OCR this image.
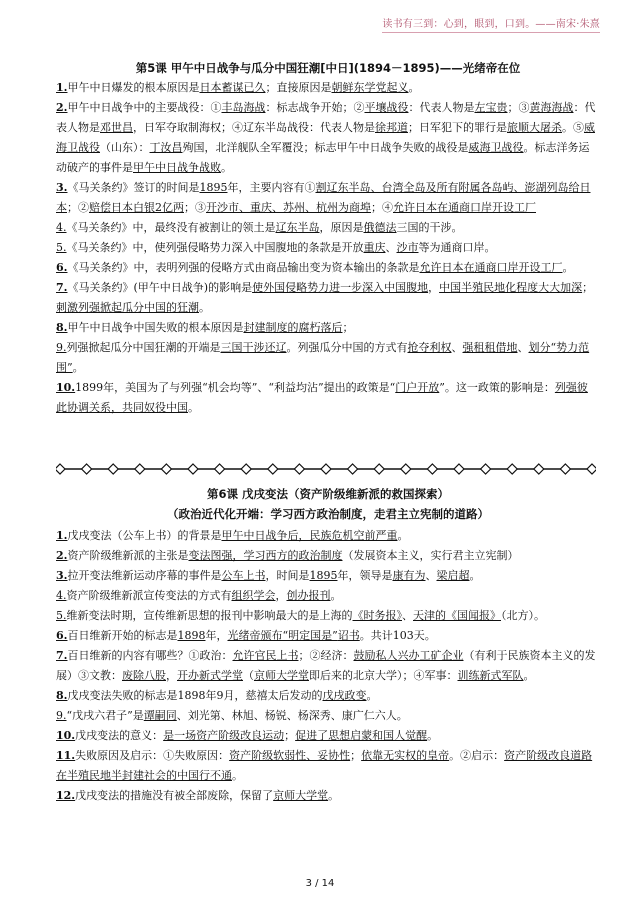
读书有三到：心到，眼到，口到。——南宋·朱熹
第5课 甲午中日战争与瓜分中国狂潮[中日](1894－1895)——光绪帝在位

1.甲午中日爆发的根本原因是日本蓄谋已久；直接原因是朝鲜东学党起义。

2.甲午中日战争中的主要战役：①丰岛海战：标志战争开始；②平壤战役：代表人物是左宝贵；③黄海海战：代表人物是邓世昌，日军夺取制海权；④辽东半岛战役：代表人物是徐邦道；日军犯下的罪行是旅顺大屠杀。⑤威海卫战役（山东）：丁汝昌殉国，北洋舰队全军覆没；标志甲午中日战争失败的战役是威海卫战役。标志洋务运动破产的事件是甲午中日战争战败。

3.《马关条约》签订的时间是1895年，主要内容有①割辽东半岛、台湾全岛及所有附属各岛屿、澎湖列岛给日本；②赔偿日本白银2亿两；③开沙市、重庆、苏州、杭州为商埠；④允许日本在通商口岸开设工厂

4.《马关条约》中，最终没有被割让的领土是辽东半岛，原因是俄德法三国的干涉。

5.《马关条约》中，使列强侵略势力深入中国腹地的条款是开放重庆、沙市等为通商口岸。

6.《马关条约》中，表明列强的侵略方式由商品输出变为资本输出的条款是允许日本在通商口岸开设工厂。

7.《马关条约》(甲午中日战争)的影响是使外国侵略势力进一步深入中国腹地，中国半殖民地化程度大大加深；刺激列强掀起瓜分中国的狂潮。

8.甲午中日战争中国失败的根本原因是封建制度的腐朽落后；

9.列强掀起瓜分中国狂潮的开端是三国干涉还辽。列强瓜分中国的方式有抢夺利权、强租租借地、划分“势力范围”。

10.1899年，美国为了与列强“机会均等”、“利益均沾”提出的政策是“门户开放”。这一政策的影响是：列强彼此协调关系，共同奴役中国。

第6课 戊戌变法（资产阶级维新派的救国探索）
（政治近代化开端：学习西方政治制度，走君主立宪制的道路）

1.戊戌变法（公车上书）的背景是甲午中日战争后，民族危机空前严重。

2.资产阶级维新派的主张是变法图强，学习西方的政治制度（发展资本主义，实行君主立宪制）

3.拉开变法维新运动序幕的事件是公车上书，时间是1895年，领导是康有为、梁启超。

4.资产阶级维新派宣传变法的方式有组织学会，创办报刊。

5.维新变法时期，宣传维新思想的报刊中影响最大的是上海的《时务报》、天津的《国闻报》（北方）。

6.百日维新开始的标志是1898年，光绪帝颁布“明定国是”诏书。共计103天。

7.百日维新的内容有哪些？①政治：允许官民上书；②经济：鼓励私人兴办工矿企业（有利于民族资本主义的发展）③文教：废除八股，开办新式学堂（京师大学堂即后来的北京大学）；④军事：训练新式军队。

8.戊戌变法失败的标志是1898年9月，慈禧太后发动的戊戌政变。

9.“戊戌六君子”是谭嗣同、刘光第、林旭、杨锐、杨深秀、康广仁六人。

10.戊戌变法的意义：是一场资产阶级改良运动；促进了思想启蒙和国人觉醒。

11.失败原因及启示：①失败原因：资产阶级软弱性、妥协性；依靠无实权的皇帝。②启示：资产阶级改良道路在半殖民地半封建社会的中国行不通。

12.戊戌变法的措施没有被全部废除，保留了京师大学堂。

3 / 14
